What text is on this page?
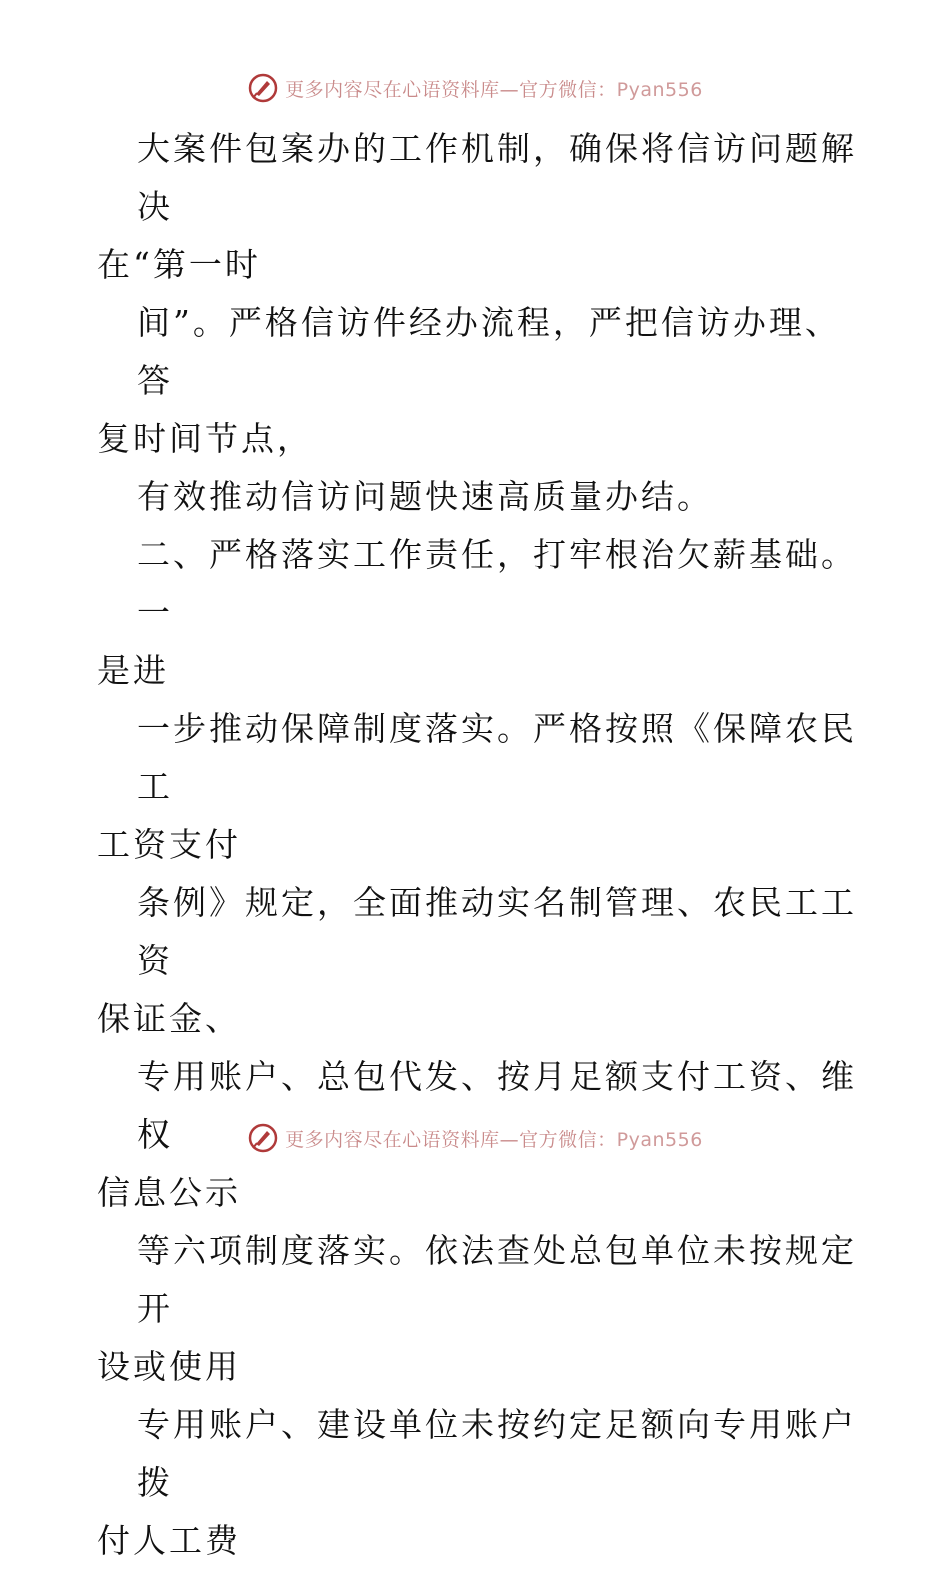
更多内容尽在心语资料库—官方微信：Pyan556

大案件包案办的工作机制，确保将信访问题解决
在“第一时

间”。严格信访件经办流程，严把信访办理、答
复时间节点，

有效推动信访问题快速高质量办结。

二、严格落实工作责任，打牢根治欠薪基础。一
是进

一步推动保障制度落实。严格按照《保障农民工
工资支付

条例》规定，全面推动实名制管理、农民工工资
保证金、

专用账户、总包代发、按月足额支付工资、维权
信息公示

等六项制度落实。依法查处总包单位未按规定开
设或使用

专用账户、建设单位未按约定足额向专用账户拨
付人工费

更多内容尽在心语资料库—官方微信：Pyan556
